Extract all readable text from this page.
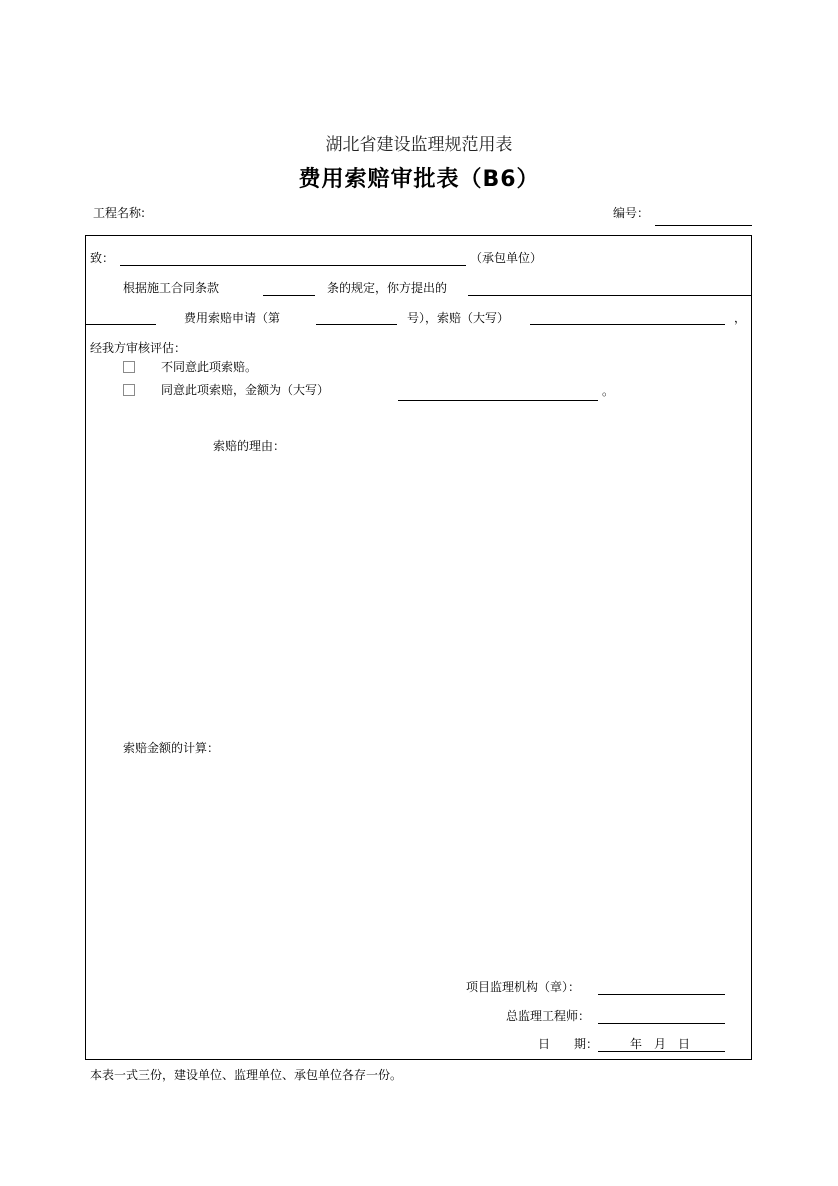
湖北省建设监理规范用表
费用索赔审批表（B6）
工程名称:	编号：
致：	（承包单位）
根据施工合同条款	条的规定，你方提出的
费用索赔申请（第	号），索赔（大写）	，
经我方审核评估：
不同意此项索赔。
同意此项索赔，金额为（大写）	。
索赔的理由：
索赔金额的计算：
项目监理机构（章）：
总监理工程师：
日　　期：	年　月　日
本表一式三份，建设单位、监理单位、承包单位各存一份。
